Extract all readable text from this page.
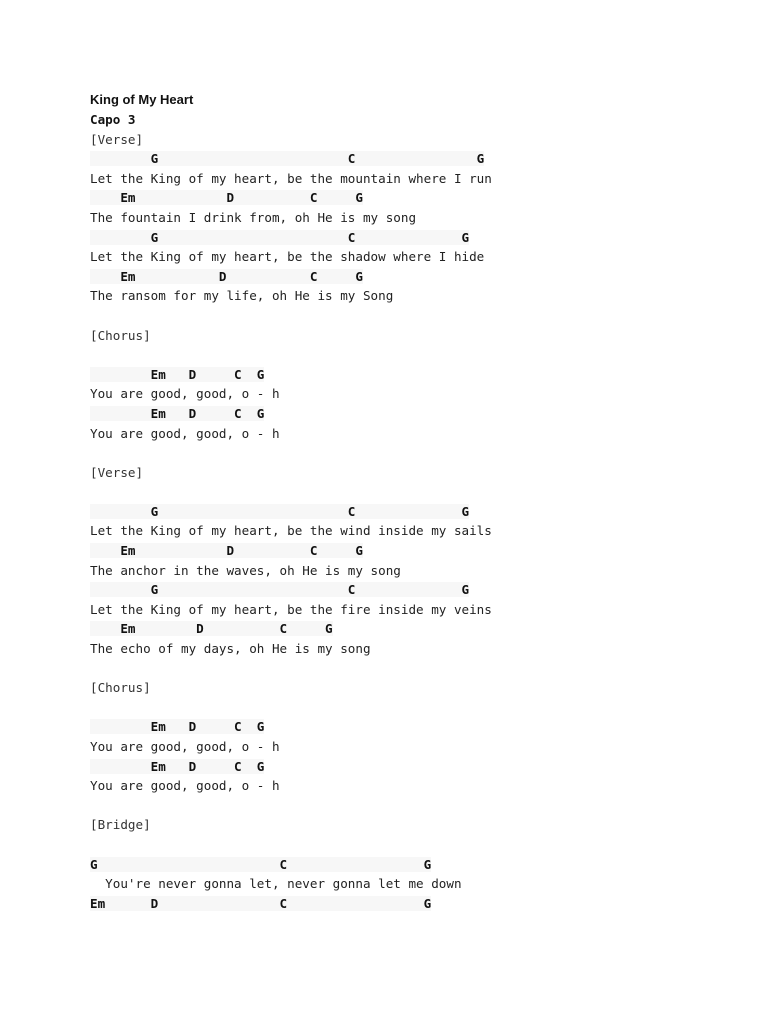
King of My Heart
Capo 3
[Verse]
G                         C                G
Let the King of my heart, be the mountain where I run
Em            D          C     G
The fountain I drink from, oh He is my song
G                         C              G
Let the King of my heart, be the shadow where I hide
Em           D           C     G
The ransom for my life, oh He is my Song
[Chorus]
Em   D     C  G
You are good, good, o - h
Em   D     C  G
You are good, good, o - h
[Verse]
G                         C              G
Let the King of my heart, be the wind inside my sails
Em            D          C     G
The anchor in the waves, oh He is my song
G                         C              G
Let the King of my heart, be the fire inside my veins
Em        D          C     G
The echo of my days, oh He is my song
[Chorus]
Em   D     C  G
You are good, good, o - h
Em   D     C  G
You are good, good, o - h
[Bridge]
G                        C                  G
You're never gonna let, never gonna let me down
Em      D                C                  G
